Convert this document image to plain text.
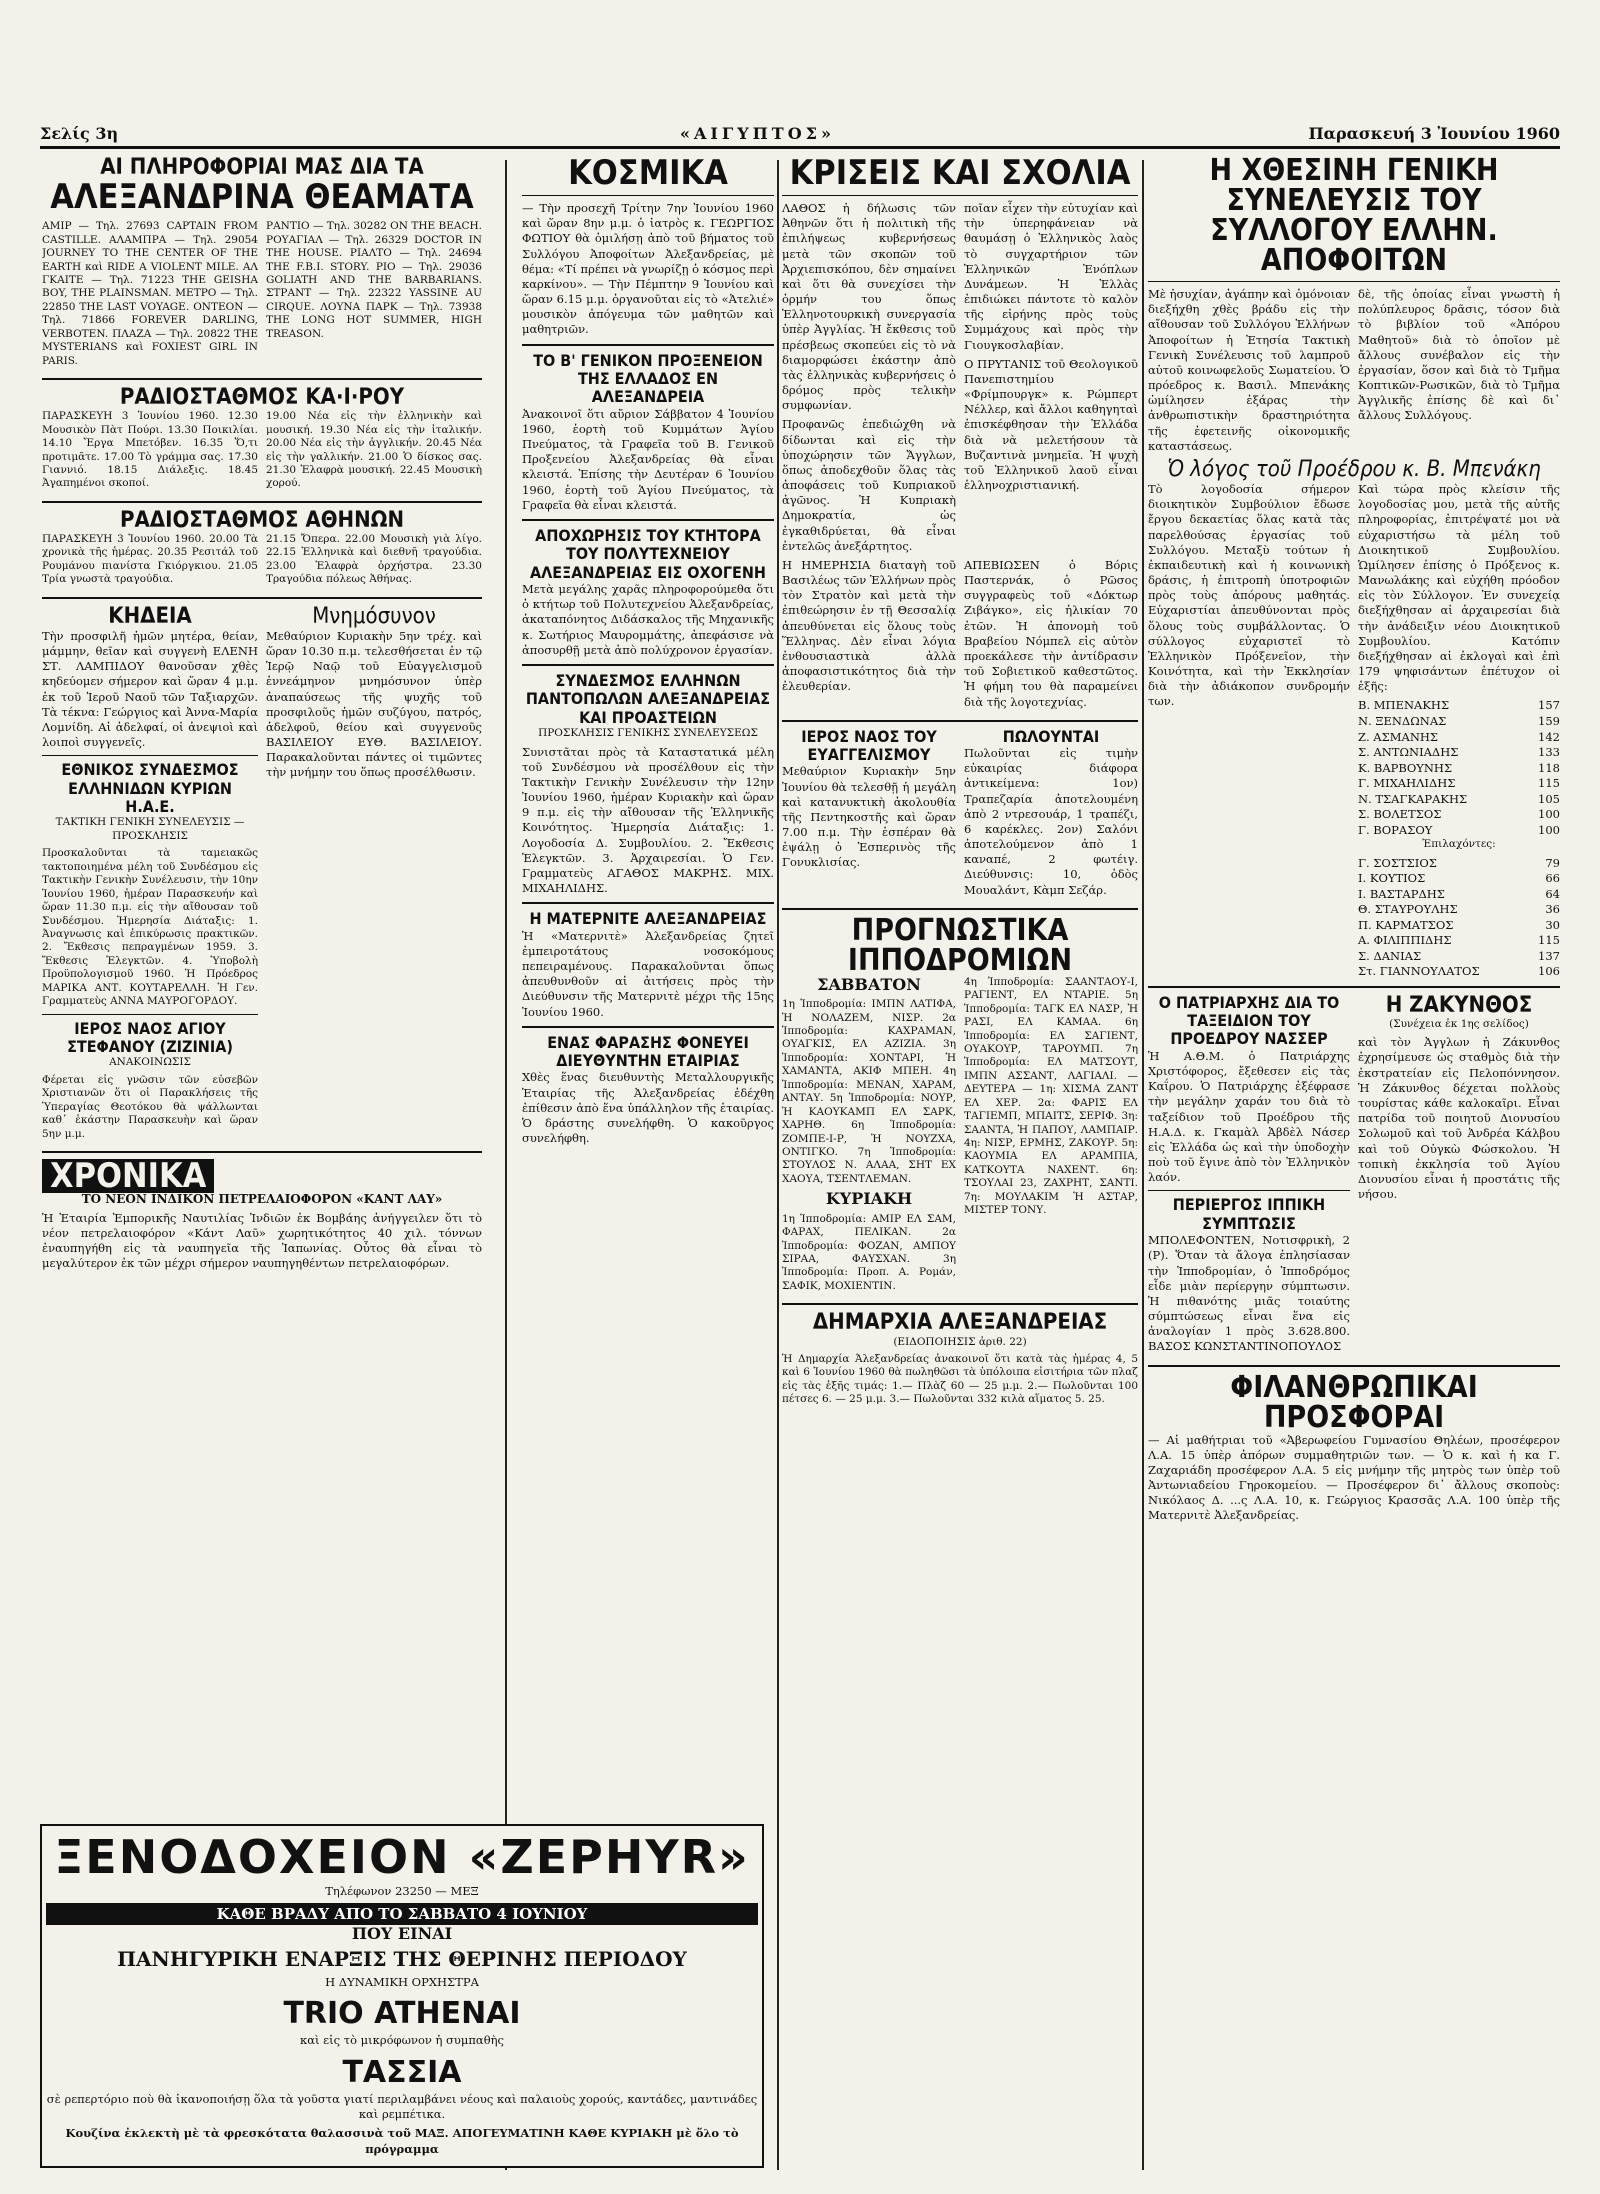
Σελίς 3η	«ΑΙΓΥΠΤΟΣ»	Παρασκευή 3 Ἰουνίου 1960
ΑΙ ΠΛΗΡΟΦΟΡΙΑΙ ΜΑΣ ΔΙΑ ΤΑ
ΑΛΕΞΑΝΔΡΙΝΑ ΘΕΑΜΑΤΑ

ΑΜΙΡ — Τηλ. 27693 CAPTAIN FROM CASTILLE. ΑΛΑΜΠΡΑ — Τηλ. 29054 JOURNEY TO THE CENTER OF THE EARTH καὶ RIDE A VIOLENT MILE. ΑΛ ΓΚΑΙΤΕ — Τηλ. 71223 THE GEISHA BOY, THE PLAINSMAN. ΜΕΤΡΟ — Τηλ. 22850 THE LAST VOYAGE. ΟΝΤΕΟΝ — Τηλ. 71866 FOREVER DARLING, VERBOTEN. ΠΛΑΖΑ — Τηλ. 20822 THE MYSTERIANS καὶ FOXIEST GIRL IN PARIS.

ΡΑΝΤΙΟ — Τηλ. 30282 ON THE BEACH. ΡΟΥΑΓΙΑΛ — Τηλ. 26329 DOCTOR IN THE HOUSE. ΡΙΑΛΤΟ — Τηλ. 24694 THE F.B.I. STORY. ΡΙΟ — Τηλ. 29036 GOLIATH AND THE BARBARIANS. ΣΤΡΑΝΤ — Τηλ. 22322 YASSINE AU CIRQUE. ΛΟΥΝΑ ΠΑΡΚ — Τηλ. 73938 THE LONG HOT SUMMER, HIGH TREASON.

ΡΑΔΙΟΣΤΑΘΜΟΣ ΚΑ·Ι·ΡΟΥ

ΠΑΡΑΣΚΕΥΗ 3 Ἰουνίου 1960. 12.30 Μουσικὸν Πὰτ Πούρι. 13.30 Ποικιλίαι. 14.10 Ἔργα Μπετόβεν. 16.35 Ὅ,τι προτιμᾶτε. 17.00 Τὸ γράμμα σας. 17.30 Γιαννιό. 18.15 Διάλεξις. 18.45 Ἀγαπημένοι σκοποί.

19.00 Νέα εἰς τὴν ἑλληνικὴν καὶ μουσική. 19.30 Νέα εἰς τὴν ἰταλικήν. 20.00 Νέα εἰς τὴν ἀγγλικήν. 20.45 Νέα εἰς τὴν γαλλικήν. 21.00 Ὁ δίσκος σας. 21.30 Ἐλαφρὰ μουσική. 22.45 Μουσικὴ χορού.

ΡΑΔΙΟΣΤΑΘΜΟΣ ΑΘΗΝΩΝ

ΠΑΡΑΣΚΕΥΗ 3 Ἰουνίου 1960. 20.00 Τὰ χρονικὰ τῆς ἡμέρας. 20.35 Ρεσιτάλ τοῦ Ρουμάνου πιανίστα Γκιόργκιου. 21.05 Τρία γνωστὰ τραγούδια.

21.15 Ὄπερα. 22.00 Μουσικὴ γιὰ λίγο. 22.15 Ἑλληνικὰ καὶ διεθνῆ τραγούδια. 23.00 Ἐλαφρὰ ὀρχήστρα. 23.30 Τραγούδια πόλεως Ἀθήνας.

ΚΗΔΕΙΑ

Τὴν προσφιλῆ ἡμῶν μητέρα, θείαν, μάμμην, θεῖαν καὶ συγγενὴ ΕΛΕΝΗ ΣΤ. ΛΑΜΠΙΔΟΥ θανοῦσαν χθὲς κηδεύομεν σήμερον καὶ ὥραν 4 μ.μ. ἐκ τοῦ Ἱεροῦ Ναοῦ τῶν Ταξιαρχῶν. Τὰ τέκνα: Γεώργιος καὶ Ἀννα-Μαρία Λομνίδη. Αἱ ἀδελφαί, οἱ ἀνεψιοὶ καὶ λοιποὶ συγγενεῖς.

ΕΘΝΙΚΟΣ ΣΥΝΔΕΣΜΟΣ ΕΛΛΗΝΙΔΩΝ ΚΥΡΙΩΝ Η.Α.Ε.

ΤΑΚΤΙΚΗ ΓΕΝΙΚΗ ΣΥΝΕΛΕΥΣΙΣ — ΠΡΟΣΚΛΗΣΙΣ

Προσκαλοῦνται τὰ ταμειακῶς τακτοποιημένα μέλη τοῦ Συνδέσμου εἰς Τακτικὴν Γενικὴν Συνέλευσιν, τὴν 10ην Ἰουνίου 1960, ἡμέραν Παρασκευήν καὶ ὥραν 11.30 π.μ. εἰς τὴν αἴθουσαν τοῦ Συνδέσμου. Ἡμερησία Διάταξις: 1. Ἀναγνωσις καὶ ἐπικύρωσις πρακτικῶν. 2. Ἔκθεσις πεπραγμένων 1959. 3. Ἔκθεσις Ἐλεγκτῶν. 4. Ὑποβολὴ Προϋπολογισμοῦ 1960. Ἡ Πρόεδρος ΜΑΡΙΚΑ ΑΝΤ. ΚΟΥΤΑΡΕΛΛΗ. Ἡ Γεν. Γραμματεὺς ΑΝΝΑ ΜΑΥΡΟΓΟΡΔΟΥ.

ΙΕΡΟΣ ΝΑΟΣ ΑΓΙΟΥ ΣΤΕΦΑΝΟΥ (ΖΙΖΙΝΙΑ)

ΑΝΑΚΟΙΝΩΣΙΣ

Φέρεται εἰς γνῶσιν τῶν εὐσεβῶν Χριστιανῶν ὅτι οἱ Παρακλήσεις τῆς Ὑπεραγίας Θεοτόκου θὰ ψάλλωνται καθ᾽ ἑκάστην Παρασκευὴν καὶ ὥραν 5ην μ.μ.

Μνημόσυνον

Μεθαύριον Κυριακὴν 5ην τρέχ. καὶ ὥραν 10.30 π.μ. τελεσθήσεται ἐν τῷ Ἱερῷ Ναῷ τοῦ Εὐαγγελισμοῦ ἐννεάμηνον μνημόσυνον ὑπὲρ ἀναπαύσεως τῆς ψυχῆς τοῦ προσφιλοῦς ἡμῶν συζύγου, πατρός, ἀδελφοῦ, θείου καὶ συγγενοῦς ΒΑΣΙΛΕΙΟΥ ΕΥΘ. ΒΑΣΙΛΕΙΟΥ. Παρακαλοῦνται πάντες οἱ τιμῶντες τὴν μνήμην του ὅπως προσέλθωσιν.

ΧΡΟΝΙΚΑ

ΤΟ ΝΕΟΝ ΙΝΔΙΚΟΝ ΠΕΤΡΕΛΑΙΟΦΟΡΟΝ «ΚΑΝΤ ΛΑΥ»

Ἡ Ἑταιρία Ἐμπορικῆς Ναυτιλίας Ἰνδιῶν ἐκ Βομβάης ἀνήγγειλεν ὅτι τὸ νέον πετρελαιοφόρον «Κάντ Λαῦ» χωρητικότητος 40 χιλ. τόννων ἐναυπηγήθη εἰς τὰ ναυπηγεῖα τῆς Ἰαπωνίας. Οὗτος θὰ εἶναι τὸ μεγαλύτερον ἐκ τῶν μέχρι σήμερον ναυπηγηθέντων πετρελαιοφόρων.

ΞΕΝΟΔΟΧΕΙΟΝ «ZEPHYR»

Τηλέφωνον 23250 — ΜΕΞ

ΚΑΘΕ ΒΡΑΔΥ ΑΠΟ ΤΟ ΣΑΒΒΑΤΟ 4 ΙΟΥΝΙΟΥ

ΠΟΥ ΕΙΝΑΙ

ΠΑΝΗΓΥΡΙΚΗ ΕΝΑΡΞΙΣ ΤΗΣ ΘΕΡΙΝΗΣ ΠΕΡΙΟΔΟΥ

Η ΔΥΝΑΜΙΚΗ ΟΡΧΗΣΤΡΑ

TRIO ATHENAI

καὶ εἰς τὸ μικρόφωνον ἡ συμπαθὴς

ΤΑΣΣΙΑ

σὲ ρεπερτόριο ποὺ θὰ ἱκανοποιήσῃ ὅλα τὰ γοῦστα γιατί περιλαμβάνει νέους καὶ παλαιοὺς χορούς, καντάδες, μαντινάδες καὶ ρεμπέτικα.

Κουζίνα ἐκλεκτὴ μὲ τὰ φρεσκότατα θαλασσινὰ τοῦ ΜΑΞ. ΑΠΟΓΕΥΜΑΤΙΝΗ ΚΑΘΕ ΚΥΡΙΑΚΗ μὲ ὅλο τὸ πρόγραμμα

ΚΟΣΜΙΚΑ

— Τὴν προσεχῆ Τρίτην 7ην Ἰουνίου 1960 καὶ ὥραν 8ην μ.μ. ὁ ἰατρὸς κ. ΓΕΩΡΓΙΟΣ ΦΩΤΙΟΥ θὰ ὁμιλήσῃ ἀπὸ τοῦ βήματος τοῦ Συλλόγου Ἀποφοίτων Ἀλεξανδρείας, μὲ θέμα: «Τί πρέπει νὰ γνωρίζῃ ὁ κόσμος περὶ καρκίνου». — Τὴν Πέμπτην 9 Ἰουνίου καὶ ὥραν 6.15 μ.μ. ὀργανοῦται εἰς τὸ «Ἀτελιέ» μουσικὸν ἀπόγευμα τῶν μαθητῶν καὶ μαθητριῶν.

ΤΟ Β' ΓΕΝΙΚΟΝ ΠΡΟΞΕΝΕΙΟΝ ΤΗΣ ΕΛΛΑΔΟΣ ΕΝ ΑΛΕΞΑΝΔΡΕΙΑ

Ἀνακοινοῖ ὅτι αὔριον Σάββατον 4 Ἰουνίου 1960, ἑορτὴ τοῦ Κυμμάτων Ἁγίου Πνεύματος, τὰ Γραφεῖα τοῦ Β. Γενικοῦ Προξενείου Ἀλεξανδρείας θὰ εἶναι κλειστά. Ἐπίσης τὴν Δευτέραν 6 Ἰουνίου 1960, ἑορτὴ τοῦ Ἁγίου Πνεύματος, τὰ Γραφεῖα θὰ εἶναι κλειστά.

ΑΠΟΧΩΡΗΣΙΣ ΤΟΥ ΚΤΗΤΟΡΑ ΤΟΥ ΠΟΛΥΤΕΧΝΕΙΟΥ ΑΛΕΞΑΝΔΡΕΙΑΣ ΕΙΣ ΟΧΟΓΕΝΗ

Μετὰ μεγάλης χαρᾶς πληροφορούμεθα ὅτι ὁ κτήτωρ τοῦ Πολυτεχνείου Ἀλεξανδρείας, ἀκαταπόνητος Διδάσκαλος τῆς Μηχανικῆς κ. Σωτήριος Μαυρομμάτης, ἀπεφάσισε νὰ ἀποσυρθῇ μετὰ ἀπὸ πολύχρονον ἐργασίαν.

ΣΥΝΔΕΣΜΟΣ ΕΛΛΗΝΩΝ ΠΑΝΤΟΠΩΛΩΝ ΑΛΕΞΑΝΔΡΕΙΑΣ ΚΑΙ ΠΡΟΑΣΤΕΙΩΝ

ΠΡΟΣΚΛΗΣΙΣ ΓΕΝΙΚΗΣ ΣΥΝΕΛΕΥΣΕΩΣ

Συνιστᾶται πρὸς τὰ Καταστατικά μέλη τοῦ Συνδέσμου νὰ προσέλθουν εἰς τὴν Τακτικὴν Γενικὴν Συνέλευσιν τὴν 12ην Ἰουνίου 1960, ἡμέραν Κυριακὴν καὶ ὥραν 9 π.μ. εἰς τὴν αἴθουσαν τῆς Ἑλληνικῆς Κοινότητος. Ἡμερησία Διάταξις: 1. Λογοδοσία Δ. Συμβουλίου. 2. Ἔκθεσις Ἐλεγκτῶν. 3. Ἀρχαιρεσίαι. Ὁ Γεν. Γραμματεὺς ΑΓΑΘΟΣ ΜΑΚΡΗΣ. ΜΙΧ. ΜΙΧΑΗΛΙΔΗΣ.

Η ΜΑΤΕΡΝΙΤΕ ΑΛΕΞΑΝΔΡΕΙΑΣ

Ἡ «Ματερνιτὲ» Ἀλεξανδρείας ζητεῖ ἐμπειροτάτους νοσοκόμους πεπειραμένους. Παρακαλοῦνται ὅπως ἀπευθυνθοῦν αἱ ἀιτήσεις πρὸς τὴν Διεύθυνσιν τῆς Ματερνιτὲ μέχρι τῆς 15ης Ἰουνίου 1960.

ΕΝΑΣ ΦΑΡΑΣΗΣ ΦΟΝΕΥΕΙ ΔΙΕΥΘΥΝΤΗΝ ΕΤΑΙΡΙΑΣ

Χθὲς ἕνας διευθυντὴς Μεταλλουργικῆς Ἑταιρίας τῆς Ἀλεξανδρείας ἐδέχθη ἐπίθεσιν ἀπὸ ἕνα ὑπάλληλον τῆς ἑταιρίας. Ὁ δράστης συνελήφθη. Ὁ κακοῦργος συνελήφθη.

ΚΡΙΣΕΙΣ ΚΑΙ ΣΧΟΛΙΑ

ΛΑΘΟΣ ἡ δήλωσις τῶν Ἀθηνῶν ὅτι ἡ πολιτικὴ τῆς ἐπιλήψεως κυβερνήσεως μετὰ τῶν σκοπῶν τοῦ Ἀρχιεπισκόπου, δὲν σημαίνει καὶ ὅτι θὰ συνεχίσει τὴν ὁρμήν του ὅπως Ἑλληνοτουρκικὴ συνεργασία ὑπὲρ Ἀγγλίας. Ἡ ἔκθεσις τοῦ πρέσβεως σκοπεύει εἰς τὸ νὰ διαμορφώσει ἑκάστην ἀπὸ τὰς ἑλληνικὰς κυβερνήσεις ὁ δρόμος πρὸς τελικὴν συμφωνίαν.

Προφανῶς ἐπεδιώχθη νὰ δίδωνται καὶ εἰς τὴν ὑποχώρησιν τῶν Ἄγγλων, ὅπως ἀποδεχθοῦν ὅλας τὰς ἀποφάσεις τοῦ Κυπριακοῦ ἀγῶνος. Ἡ Κυπριακὴ Δημοκρατία, ὡς ἐγκαθιδρύεται, θὰ εἶναι ἐντελῶς ἀνεξάρτητος.

ποῖαν εἶχεν τὴν εὐτυχίαν καὶ τὴν ὑπερηφάνειαν νὰ θαυμάσῃ ὁ Ἑλληνικὸς λαὸς τὸ συγχαρτήριον τῶν Ἑλληνικῶν Ἐνόπλων Δυνάμεων. Ἡ Ἑλλὰς ἐπιδιώκει πάντοτε τὸ καλὸν τῆς εἰρήνης πρὸς τοὺς Συμμάχους καὶ πρὸς τὴν Γιουγκοσλαβίαν.

Ο ΠΡΥΤΑΝΙΣ τοῦ Θεολογικοῦ Πανεπιστημίου «Φρίμπουργκ» κ. Ρώμπερτ Νέλλερ, καὶ ἄλλοι καθηγηταὶ ἐπισκέφθησαν τὴν Ἑλλάδα διὰ νὰ μελετήσουν τὰ Βυζαντινὰ μνημεῖα. Ἡ ψυχὴ τοῦ Ἑλληνικοῦ λαοῦ εἶναι ἑλληνοχριστιανική.

Η ΗΜΕΡΗΣΙΑ διαταγὴ τοῦ Βασιλέως τῶν Ἑλλήνων πρὸς τὸν Στρατὸν καὶ μετὰ τὴν ἐπιθεώρησιν ἐν τῇ Θεσσαλίᾳ ἀπευθύνεται εἰς ὅλους τοὺς Ἕλληνας. Δὲν εἶναι λόγια ἐνθουσιαστικὰ ἀλλὰ ἀποφασιστικότητος διὰ τὴν ἐλευθερίαν.

ΑΠΕΒΙΩΣΕΝ ὁ Βόρις Παστερνάκ, ὁ Ρῶσος συγγραφεὺς τοῦ «Δόκτωρ Ζιβάγκο», εἰς ἡλικίαν 70 ἐτῶν. Ἡ ἀπονομὴ τοῦ Βραβείου Νόμπελ εἰς αὐτὸν προεκάλεσε τὴν ἀντίδρασιν τοῦ Σοβιετικοῦ καθεστῶτος. Ἡ φήμη του θὰ παραμείνει διὰ τῆς λογοτεχνίας.

ΙΕΡΟΣ ΝΑΟΣ ΤΟΥ ΕΥΑΓΓΕΛΙΣΜΟΥ

Μεθαύριον Κυριακὴν 5ην Ἰουνίου θὰ τελεσθῇ ἡ μεγάλη καὶ κατανυκτικὴ ἀκολουθία τῆς Πεντηκοστῆς καὶ ὥραν 7.00 π.μ. Τὴν ἑσπέραν θὰ ἐψάλῃ ὁ Ἐσπερινὸς τῆς Γονυκλισίας.

ΠΩΛΟΥΝΤΑΙ

Πωλοῦνται εἰς τιμὴν εὐκαιρίας διάφορα ἀντικείμενα: 1ον) Τραπεζαρία ἀποτελουμένη ἀπὸ 2 ντρεσουάρ, 1 τραπέζι, 6 καρέκλες. 2ον) Σαλόνι ἀποτελούμενον ἀπὸ 1 καναπέ, 2 φωτέιγ. Διεύθυνσις: 10, ὁδὸς Μουαλάντ, Κὰμπ Σεζάρ.

ΠΡΟΓΝΩΣΤΙΚΑ ΙΠΠΟΔΡΟΜΙΩΝ

ΣΑΒΒΑΤΟΝ

1η Ἱπποδρομία: ΙΜΠΝ ΛΑΤΙΦΑ, Ἡ ΝΟΛΑΖΕΜ, ΝΙΣΡ. 2α Ἱπποδρομία: ΚΑΧΡΑΜΑΝ, ΟΥΑΓΚΙΣ, ΕΛ ΑΖΙΖΙΑ. 3η Ἱπποδρομία: ΧΟΝΤΑΡΙ, Ἡ ΧΑΜΑΝΤΑ, ΑΚΙΦ ΜΠΕΗ. 4η Ἱπποδρομία: ΜΕΝΑΝ, ΧΑΡΑΜ, ΑΝΤΑΥ. 5η Ἱπποδρομία: ΝΟΥΡ, Ἡ ΚΑΟΥΚΑΜΠ ΕΛ ΣΑΡΚ, ΧΑΡΗΘ. 6η Ἱπποδρομία: ΖΟΜΠΕ-Ι-Ρ, Ἡ ΝΟΥΖΧΑ, ΟΝΤΙΓΚΟ. 7η Ἱπποδρομία: ΣΤΟΥΛΟΣ Ν. ΑΛΑΑ, ΣΗΤ ΕΧ ΧΑΟΥΑ, ΤΣΕΝΤΛΕΜΑΝ.

ΚΥΡΙΑΚΗ

1η Ἱπποδρομία: ΑΜΙΡ ΕΛ ΣΑΜ, ΦΑΡΑΧ, ΠΕΛΙΚΑΝ. 2α Ἱπποδρομία: ΦΟΖΑΝ, ΑΜΠΟΥ ΣΙΡΑΑ, ΦΑΥΣΧΑΝ. 3η Ἱπποδρομία: Προπ. Α. Ρομάν, ΣΑΦΙΚ, ΜΟΧΙΕΝΤΙΝ.

4η Ἱπποδρομία: ΣΑΑΝΤΑΟΥ-Ι, ΡΑΓΙΕΝΤ, ΕΛ ΝΤΑΡΙΕ. 5η Ἱπποδρομία: ΤΑΓΚ ΕΛ ΝΑΣΡ, Ἡ ΡΑΣΙ, ΕΛ ΚΑΜΑΑ. 6η Ἱπποδρομία: ΕΛ ΣΑΓΙΕΝΤ, ΟΥΑΚΟΥΡ, ΤΑΡΟΥΜΠ. 7η Ἱπποδρομία: ΕΛ ΜΑΤΣΟΥΤ, ΙΜΠΝ ΑΣΣΑΝΤ, ΛΑΓΙΑΛΙ. — ΔΕΥΤΕΡΑ — 1η: ΧΙΣΜΑ ΖΑΝΤ ΕΛ ΧΕΡ. 2α: ΦΑΡΙΣ ΕΛ ΤΑΓΙΕΜΠ, ΜΠΑΙΤΣ, ΣΕΡΙΦ. 3η: ΣΑΑΝΤΑ, Ἡ ΠΑΠΟΥ, ΛΑΜΠΑΙΡ. 4η: ΝΙΣΡ, ΕΡΜΗΣ, ΖΑΚΟΥΡ. 5η: ΚΑΟΥΜΙΑ ΕΛ ΑΡΑΜΠΙΑ, ΚΑΤΚΟΥΤΑ ΝΑΧΕΝΤ. 6η: ΤΣΟΥΛΑΙ 23, ΖΑΧΡΗΤ, ΣΑΝΤΙ. 7η: ΜΟΥΛΑΚΙΜ Ἡ ΑΣΤΑΡ, ΜΙΣΤΕΡ ΤΟΝΥ.

ΔΗΜΑΡΧΙΑ ΑΛΕΞΑΝΔΡΕΙΑΣ

(ΕΙΔΟΠΟΙΗΣΙΣ ἀριθ. 22)

Ἡ Δημαρχία Ἀλεξανδρείας ἀνακοινοῖ ὅτι κατὰ τὰς ἡμέρας 4, 5 καὶ 6 Ἰουνίου 1960 θὰ πωληθῶσι τὰ ὑπόλοιπα εἰσιτήρια τῶν πλαζ εἰς τὰς ἑξῆς τιμάς: 1.— Πλὰζ 60 — 25 μ.μ. 2.— Πωλοῦνται 100 πέτσες 6. — 25 μ.μ. 3.— Πωλοῦνται 332 κιλὰ αἵματος 5. 25.

Η ΧΘΕΣΙΝΗ ΓΕΝΙΚΗ ΣΥΝΕΛΕΥΣΙΣ ΤΟΥ ΣΥΛΛΟΓΟΥ ΕΛΛΗΝ. ΑΠΟΦΟΙΤΩΝ

Μὲ ἡσυχίαν, ἀγάπην καὶ ὁμόνοιαν διεξήχθη χθὲς βράδυ εἰς τὴν αἴθουσαν τοῦ Συλλόγου Ἑλλήνων Ἀποφοίτων ἡ Ἐτησία Τακτικὴ Γενικὴ Συνέλευσις τοῦ λαμπροῦ αὐτοῦ κοινωφελοῦς Σωματείου. Ὁ πρόεδρος κ. Βασιλ. Μπενάκης ὡμίλησεν ἐξάρας τὴν ἀνθρωπιστικὴν δραστηριότητα τῆς ἐφετεινῆς οἰκονομικῆς καταστάσεως.

δὲ, τῆς ὁποίας εἶναι γνωστὴ ἡ πολύπλευρος δρᾶσις, τόσον διὰ τὸ βιβλίον τοῦ «Ἀπόρου Μαθητοῦ» διὰ τὸ ὁποῖον μὲ ἄλλους συνέβαλον εἰς τὴν ἐργασίαν, ὅσον καὶ διὰ τὸ Τμῆμα Κοπτικῶν-Ρωσικῶν, διὰ τὸ Τμῆμα Ἀγγλικῆς ἐπίσης δὲ καὶ δι᾽ ἄλλους Συλλόγους.

Ὁ λόγος τοῦ Προέδρου κ. Β. Μπενάκη

Τὸ λογοδοσία σήμερον διοικητικὸν Συμβούλιον ἔδωσε ἔργου δεκαετίας ὅλας κατὰ τὰς παρελθούσας ἐργασίας τοῦ Συλλόγου. Μεταξὺ τούτων ἡ ἐκπαιδευτικὴ καὶ ἡ κοινωνικὴ δράσις, ἡ ἐπιτροπὴ ὑποτροφιῶν πρὸς τοὺς ἀπόρους μαθητάς. Εὐχαριστίαι ἀπευθύνονται πρὸς ὅλους τοὺς συμβάλλοντας. Ὁ σύλλογος εὐχαριστεῖ τὸ Ἑλληνικὸν Πρόξενεῖον, τὴν Κοινότητα, καὶ τὴν Ἐκκλησίαν διὰ τὴν ἀδιάκοπον συνδρομήν των.

Καὶ τώρα πρὸς κλείσιν τῆς λογοδοσίας μου, μετὰ τῆς αὐτῆς πληροφορίας, ἐπιτρέψατέ μοι νὰ εὐχαριστήσω τὰ μέλη τοῦ Διοικητικοῦ Συμβουλίου. Ὡμίλησεν ἐπίσης ὁ Πρόξενος κ. Μανωλάκης καὶ εὐχήθη πρόοδον εἰς τὸν Σύλλογον. Ἐν συνεχείᾳ διεξήχθησαν αἱ ἀρχαιρεσίαι διὰ τὴν ἀνάδειξιν νέου Διοικητικοῦ Συμβουλίου. Κατόπιν διεξήχθησαν αἱ ἐκλογαὶ καὶ ἐπὶ 179 ψηφισάντων ἐπέτυχον οἱ ἑξῆς:

Β. ΜΠΕΝΑΚΗΣ	157
Ν. ΞΕΝΔΩΝΑΣ	159
Ζ. ΑΣΜΑΝΗΣ	142
Σ. ΑΝΤΩΝΙΑΔΗΣ	133
Κ. ΒΑΡΒΟΥΝΗΣ	118
Γ. ΜΙΧΑΗΛΙΔΗΣ	115
Ν. ΤΣΑΓΚΑΡΑΚΗΣ	105
Σ. ΒΟΛΕΤΣΟΣ	100
Γ. ΒΟΡΑΣΟΥ	100

Ἐπιλαχόντες:

Γ. ΣΟΣΤΣΙΟΣ	79
Ι. ΚΟΥΤΙΟΣ	66
Ι. ΒΑΣΤΑΡΔΗΣ	64
Θ. ΣΤΑΥΡΟΥΛΗΣ	36
Π. ΚΑΡΜΑΤΣΟΣ	30
Α. ΦΙΛΙΠΠΙΔΗΣ	115
Σ. ΔΑΝΙΑΣ	137
Στ. ΓΙΑΝΝΟΥΛΑΤΟΣ	106
Ο ΠΑΤΡΙΑΡΧΗΣ ΔΙΑ ΤΟ ΤΑΞΕΙΔΙΟΝ ΤΟΥ ΠΡΟΕΔΡΟΥ ΝΑΣΣΕΡ

Ἡ Α.Θ.Μ. ὁ Πατριάρχης Χριστόφορος, ἔξεθεσεν εἰς τὰς Καΐρου. Ὁ Πατριάρχης ἐξέφρασε τὴν μεγάλην χαράν του διὰ τὸ ταξείδιον τοῦ Προέδρου τῆς Η.Α.Δ. κ. Γκαμὰλ Ἀβδὲλ Νάσερ εἰς Ἑλλάδα ὡς καὶ τὴν ὑποδοχὴν ποὺ τοῦ ἔγινε ἀπὸ τὸν Ἑλληνικὸν λαόν.

ΠΕΡΙΕΡΓΟΣ ΙΠΠΙΚΗ ΣΥΜΠΤΩΣΙΣ

ΜΠΟΛΕΦΟΝΤΕΝ, Νοτισφρικὴ, 2 (Ρ). Ὅταν τὰ ἄλογα ἐπλησίασαν τὴν Ἱπποδρομίαν, ὁ Ἱπποδρόμος εἶδε μιὰν περίεργην σύμπτωσιν. Ἡ πιθανότης μιᾶς τοιαύτης σύμπτώσεως εἶναι ἕνα εἰς ἀναλογίαν 1 πρὸς 3.628.800. ΒΑΣΟΣ ΚΩΝΣΤΑΝΤΙΝΟΠΟΥΛΟΣ

Η ΖΑΚΥΝΘΟΣ

(Συνέχεια ἐκ 1ης σελίδος)

καὶ τὸν Ἀγγλων ἡ Ζάκυνθος ἐχρησίμευσε ὡς σταθμὸς διὰ τὴν ἐκστρατείαν εἰς Πελοπόννησον. Ἡ Ζάκυνθος δέχεται πολλοὺς τουρίστας κάθε καλοκαῖρι. Εἶναι πατρίδα τοῦ ποιητοῦ Διονυσίου Σολωμοῦ καὶ τοῦ Ἀνδρέα Κάλβου καὶ τοῦ Οὐγκὼ Φώσκολου. Ἡ τοπικὴ ἐκκλησία τοῦ Ἁγίου Διονυσίου εἶναι ἡ προστάτις τῆς νήσου.

ΦΙΛΑΝΘΡΩΠΙΚΑΙ ΠΡΟΣΦΟΡΑΙ

— Αἱ μαθήτριαι τοῦ «Ἀβερωφείου Γυμνασίου Θηλέων, προσέφερον Λ.Α. 15 ὑπὲρ ἀπόρων συμμαθητριῶν των. — Ὁ κ. καὶ ἡ κα Γ. Ζαχαριάδη προσέφερον Λ.Α. 5 εἰς μνήμην τῆς μητρὸς των ὑπὲρ τοῦ Ἀντωνιαδείου Γηροκομείου. — Προσέφερον δι᾽ ἄλλους σκοποὺς: Νικόλαος Δ. ...ς Λ.Α. 10, κ. Γεώργιος Κρασσᾶς Λ.Α. 100 ὑπὲρ τῆς Ματερνιτὲ Ἀλεξανδρείας.
